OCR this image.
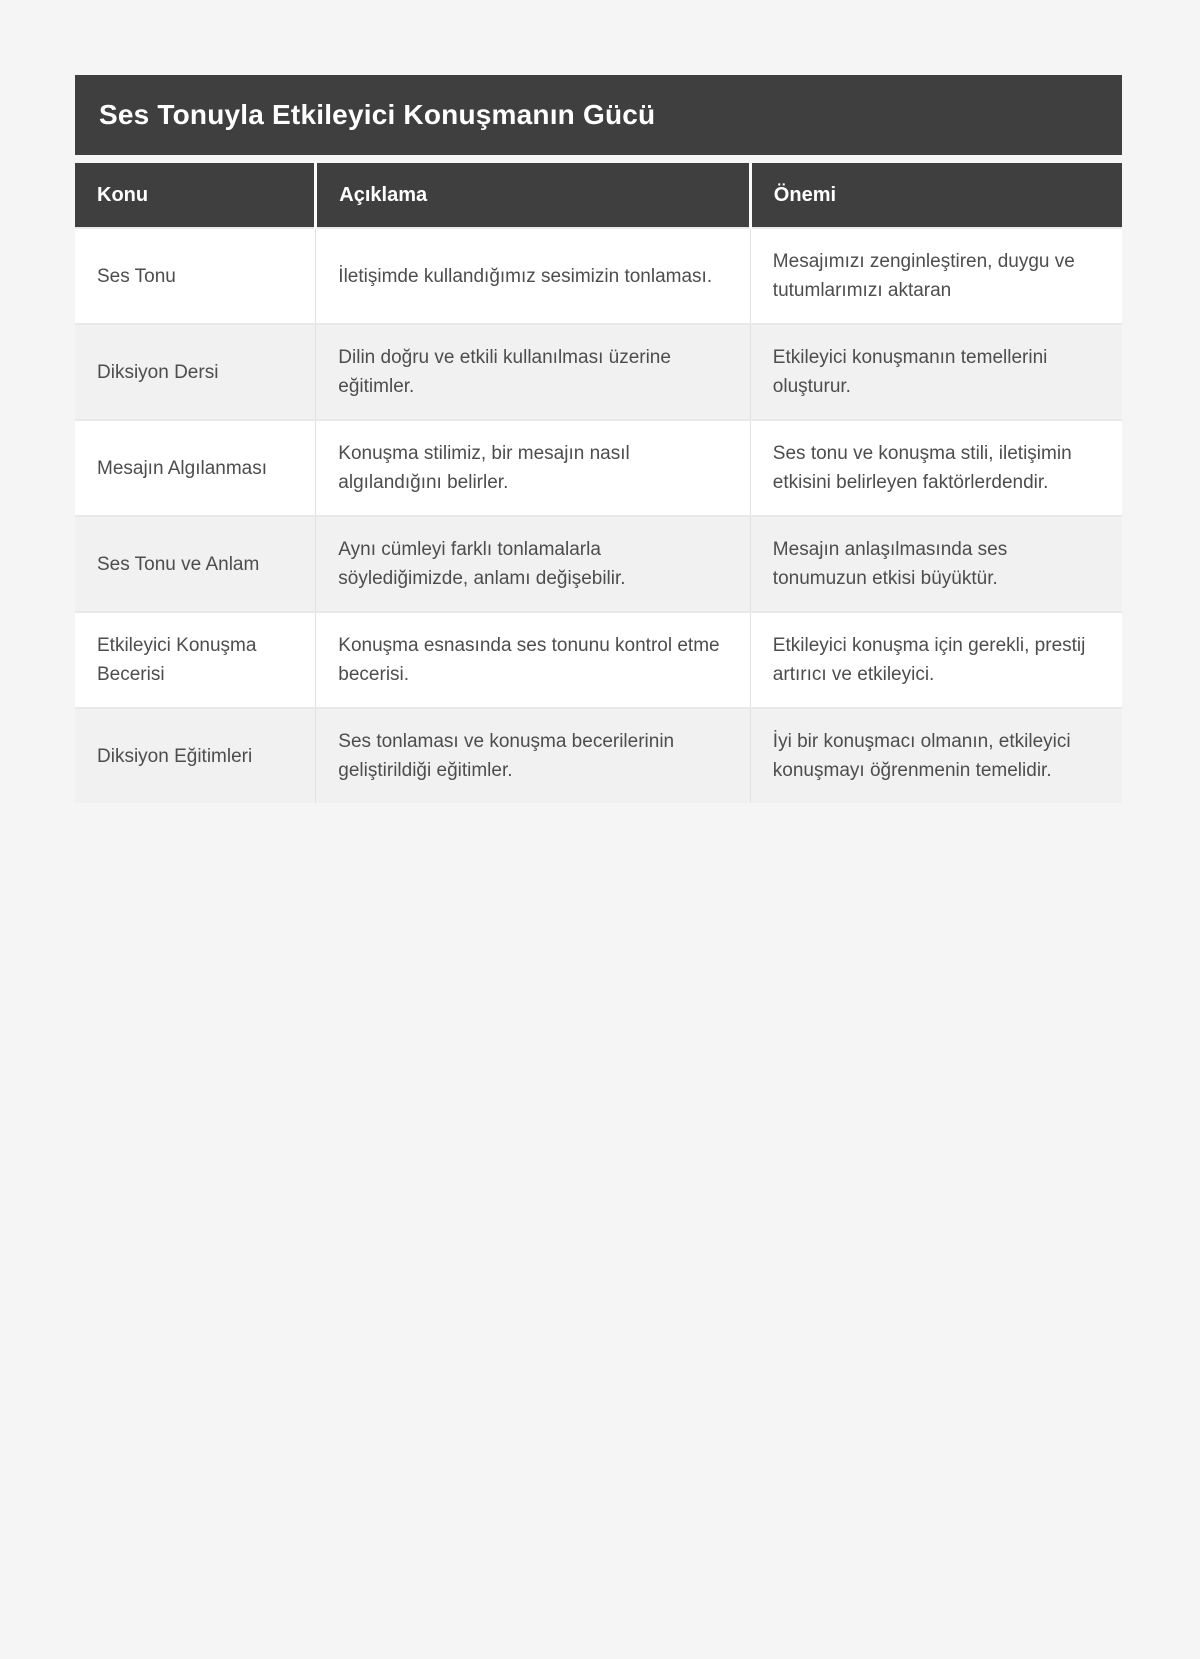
Ses Tonuyla Etkileyici Konuşmanın Gücü
Konu	Açıklama	Önemi
Ses Tonu	İletişimde kullandığımız sesimizin tonlaması.	Mesajımızı zenginleştiren, duygu ve tutumlarımızı aktaran
Diksiyon Dersi	Dilin doğru ve etkili kullanılması üzerine eğitimler.	Etkileyici konuşmanın temellerini oluşturur.
Mesajın Algılanması	Konuşma stilimiz, bir mesajın nasıl algılandığını belirler.	Ses tonu ve konuşma stili, iletişimin etkisini belirleyen faktörlerdendir.
Ses Tonu ve Anlam	Aynı cümleyi farklı tonlamalarla söylediğimizde, anlamı değişebilir.	Mesajın anlaşılmasında ses tonumuzun etkisi büyüktür.
Etkileyici Konuşma Becerisi	Konuşma esnasında ses tonunu kontrol etme becerisi.	Etkileyici konuşma için gerekli, prestij artırıcı ve etkileyici.
Diksiyon Eğitimleri	Ses tonlaması ve konuşma becerilerinin geliştirildiği eğitimler.	İyi bir konuşmacı olmanın, etkileyici konuşmayı öğrenmenin temelidir.
